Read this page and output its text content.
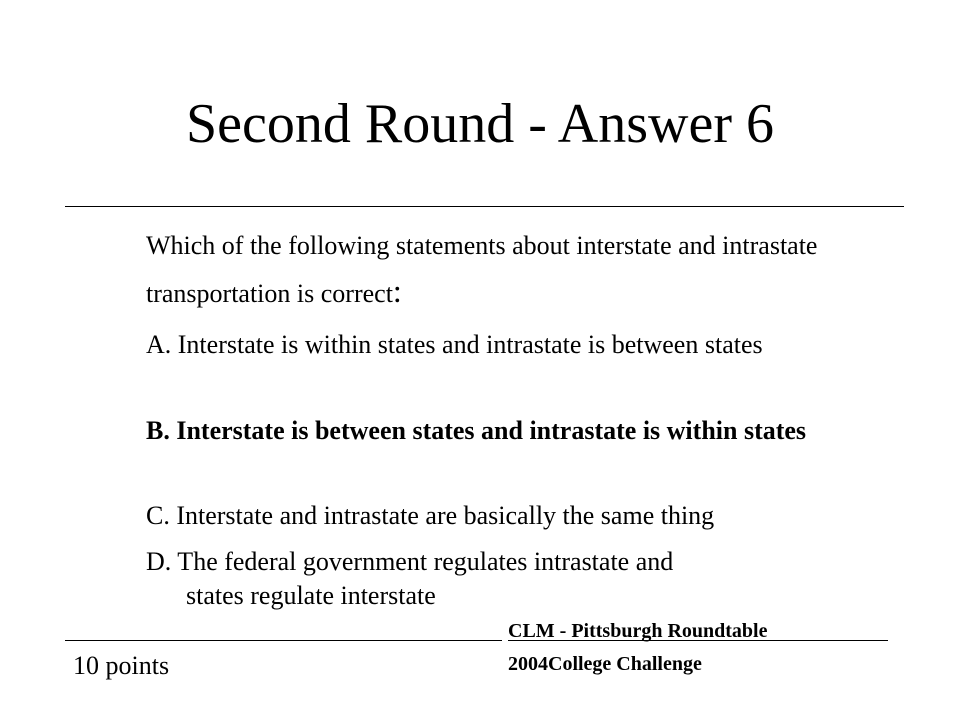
Second Round - Answer 6
Which of the following statements about interstate and intrastate transportation is correct:
A. Interstate is within states and intrastate is between states
B. Interstate is between states and intrastate is within states
C. Interstate and intrastate are basically the same thing
D. The federal government regulates intrastate and
states regulate interstate
CLM - Pittsburgh Roundtable
2004College Challenge
10 points
